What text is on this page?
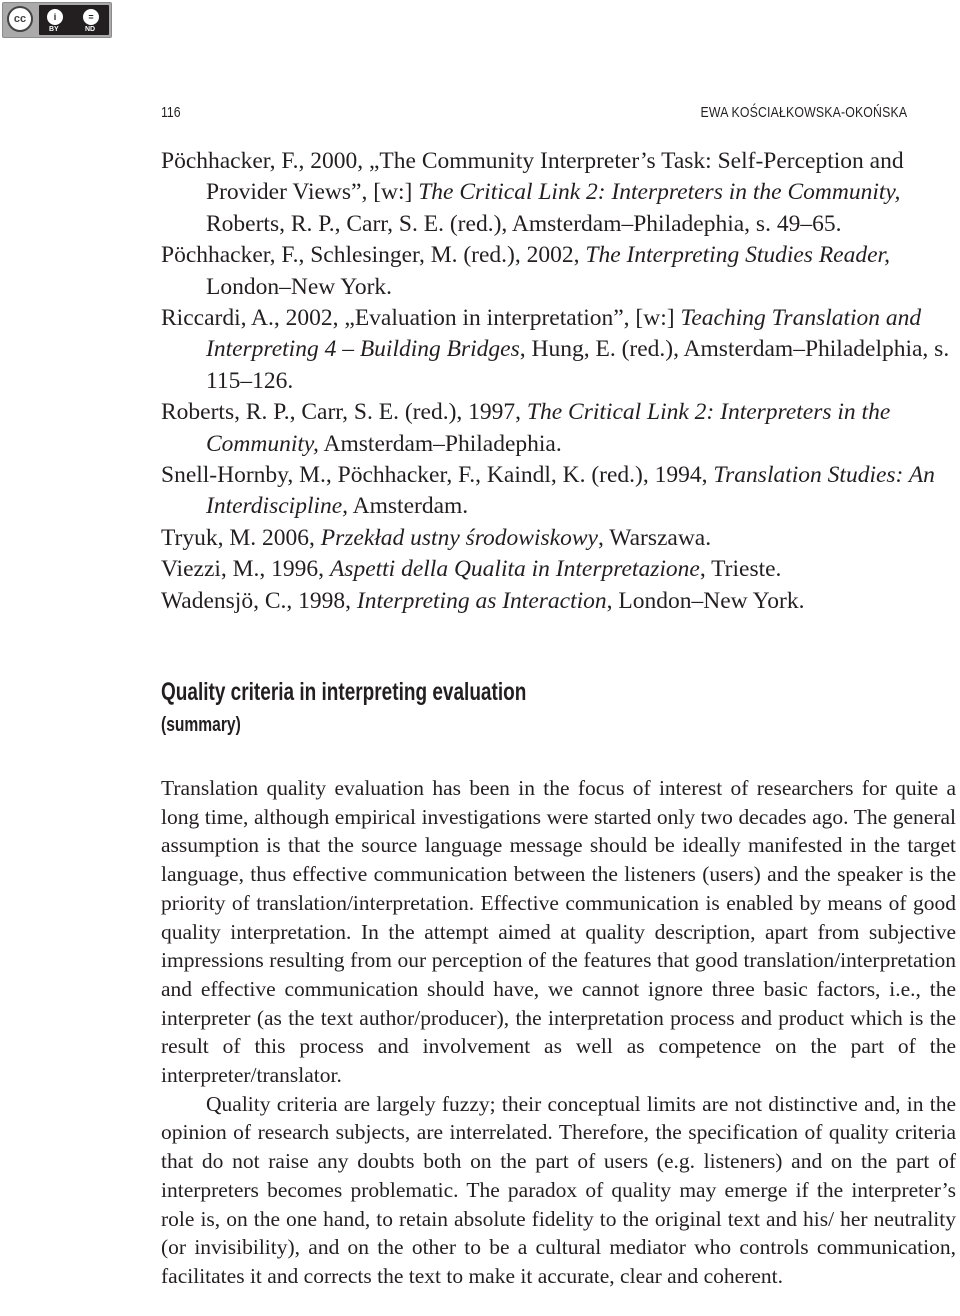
cc	i	=
BY	ND
116	EWA KOŚCIAŁKOWSKA-OKOŃSKA
Pöchhacker, F., 2000, „The Community Interpreter’s Task: Self-Perception and Provider Views”, [w:] The Critical Link 2: Interpreters in the Community, Roberts, R. P., Carr, S. E. (red.), Amsterdam–Philadephia, s. 49–65.
Pöchhacker, F., Schlesinger, M. (red.), 2002, The Interpreting Studies Reader, London–New York.
Riccardi, A., 2002, „Evaluation in interpretation”, [w:] Teaching Translation and Interpreting 4 – Building Bridges, Hung, E. (red.), Amsterdam–Philadelphia, s. 115–126.
Roberts, R. P., Carr, S. E. (red.), 1997, The Critical Link 2: Interpreters in the Community, Amsterdam–Philadephia.
Snell-Hornby, M., Pöchhacker, F., Kaindl, K. (red.), 1994, Translation Studies: An Interdiscipline, Amsterdam.
Tryuk, M. 2006, Przekład ustny środowiskowy, Warszawa.
Viezzi, M., 1996, Aspetti della Qualita in Interpretazione, Trieste.
Wadensjö, C., 1998, Interpreting as Interaction, London–New York.
Quality criteria in interpreting evaluation
(summary)

Translation quality evaluation has been in the focus of interest of researchers for quite a long time, although empirical investigations were started only two decades ago. The general assumption is that the source language message should be ideally manifested in the target language, thus effective communication between the listeners (users) and the speaker is the priority of translation/interpretation. Effective communication is enabled by means of good quality interpretation. In the attempt aimed at quality description, apart from subjective impressions resulting from our perception of the features that good translation/interpretation and effective communication should have, we cannot ignore three basic factors, i.e., the interpreter (as the text author/producer), the interpretation process and product which is the result of this process and involvement as well as competence on the part of the interpreter/translator.

Quality criteria are largely fuzzy; their conceptual limits are not distinctive and, in the opinion of research subjects, are interrelated. Therefore, the specification of quality criteria that do not raise any doubts both on the part of users (e.g. listeners) and on the part of interpreters becomes problematic. The paradox of quality may emerge if the interpreter’s role is, on the one hand, to retain absolute fidelity to the original text and his/ her neutrality (or invisibility), and on the other to be a cultural mediator who controls communication, facilitates it and corrects the text to make it accurate, clear and coherent.
